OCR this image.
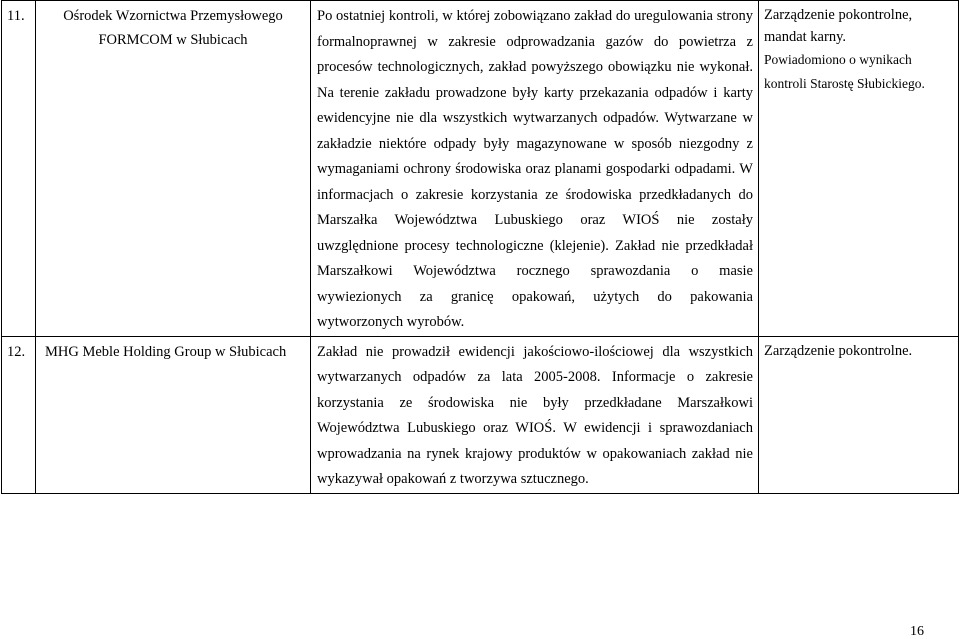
11.	Ośrodek Wzornictwa Przemysłowego FORMCOM w Słubicach	Po ostatniej kontroli, w której zobowiązano zakład do uregulowania strony formalnoprawnej w zakresie odprowadzania gazów do powietrza z procesów technologicznych, zakład powyższego obowiązku nie wykonał. Na terenie zakładu prowadzone były karty przekazania odpadów i karty ewidencyjne nie dla wszystkich wytwarzanych odpadów. Wytwarzane w zakładzie niektóre odpady były magazynowane w sposób niezgodny z wymaganiami ochrony środowiska oraz planami gospodarki odpadami. W informacjach o zakresie korzystania ze środowiska przedkładanych do Marszałka Województwa Lubuskiego oraz WIOŚ nie zostały uwzględnione procesy technologiczne (klejenie). Zakład nie przedkładał Marszałkowi Województwa rocznego sprawozdania o masie wywiezionych za granicę opakowań, użytych do pakowania wytworzonych wyrobów.	Zarządzenie pokontrolne, mandat karny.
Powiadomiono o wynikach kontroli Starostę Słubickiego.
12.	MHG Meble Holding Group w Słubicach	Zakład nie prowadził ewidencji jakościowo-ilościowej dla wszystkich wytwarzanych odpadów za lata 2005-2008. Informacje o zakresie korzystania ze środowiska nie były przedkładane Marszałkowi Województwa Lubuskiego oraz WIOŚ. W ewidencji i sprawozdaniach wprowadzania na rynek krajowy produktów w opakowaniach zakład nie wykazywał opakowań z tworzywa sztucznego.	Zarządzenie pokontrolne.
16
